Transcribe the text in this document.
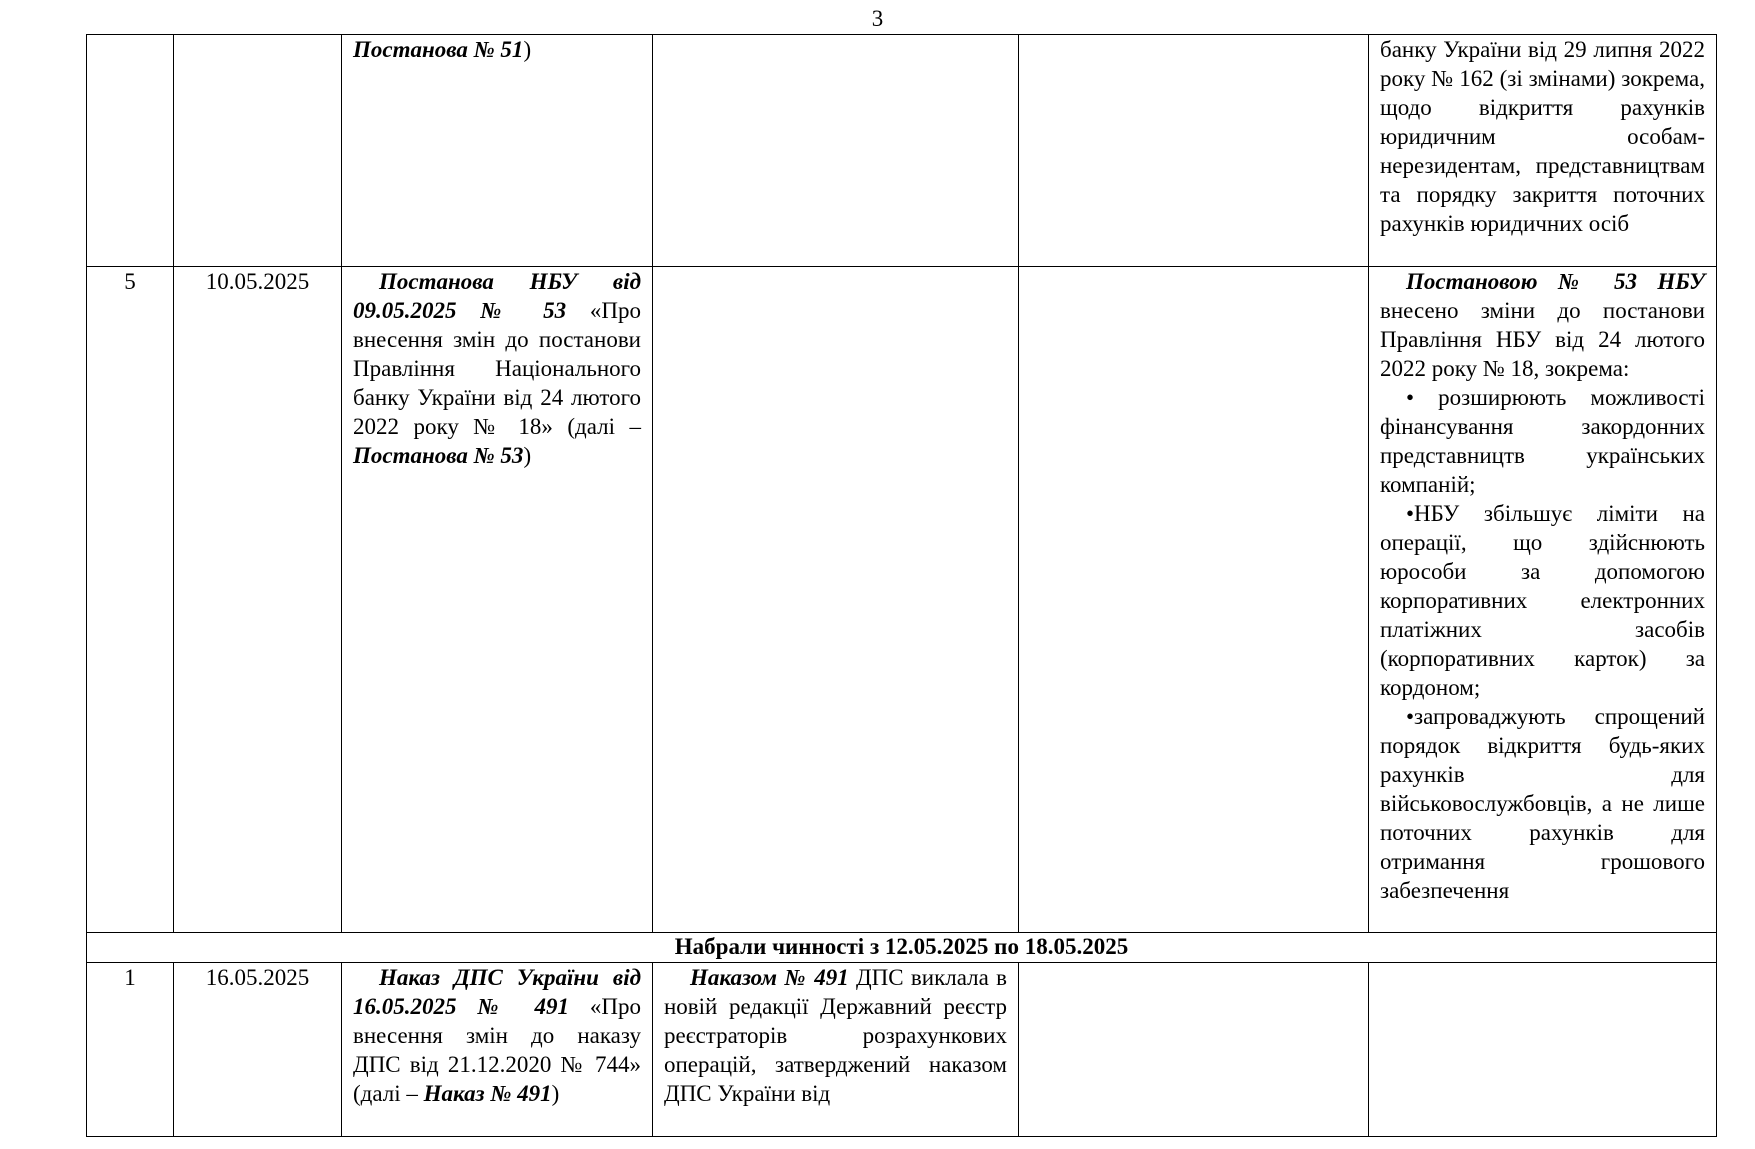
3
		Постанова № 51)			банку України від 29 липня 2022 року № 162 (зі змінами) зокрема, щодо відкриття рахунків юридичним особам-нерезидентам, представництвам та порядку закриття поточних рахунків юридичних осіб
5	10.05.2025	Постанова НБУ від 09.05.2025 № 53 «Про внесення змін до постанови Правління Національного банку України від 24 лютого 2022 року № 18» (далі – Постанова № 53)			Постановою № 53 НБУ внесено зміни до постанови Правління НБУ від 24 лютого 2022 року № 18, зокрема:
• розширюють можливості фінансування закордонних представництв українських компаній;
•НБУ збільшує ліміти на операції, що здійснюють юрособи за допомогою корпоративних електронних платіжних засобів (корпоративних карток) за кордоном;
•запроваджують спрощений порядок відкриття будь-яких рахунків для військовослужбовців, а не лише поточних рахунків для отримання грошового забезпечення

Набрали чинності з 12.05.2025 по 18.05.2025					
1	16.05.2025	Наказ ДПС України від 16.05.2025 № 491 «Про внесення змін до наказу ДПС від 21.12.2020 № 744» (далі – Наказ № 491)	Наказом № 491 ДПС виклала в новій редакції Державний реєстр реєстраторів розрахункових операцій, затверджений наказом ДПС України від		
